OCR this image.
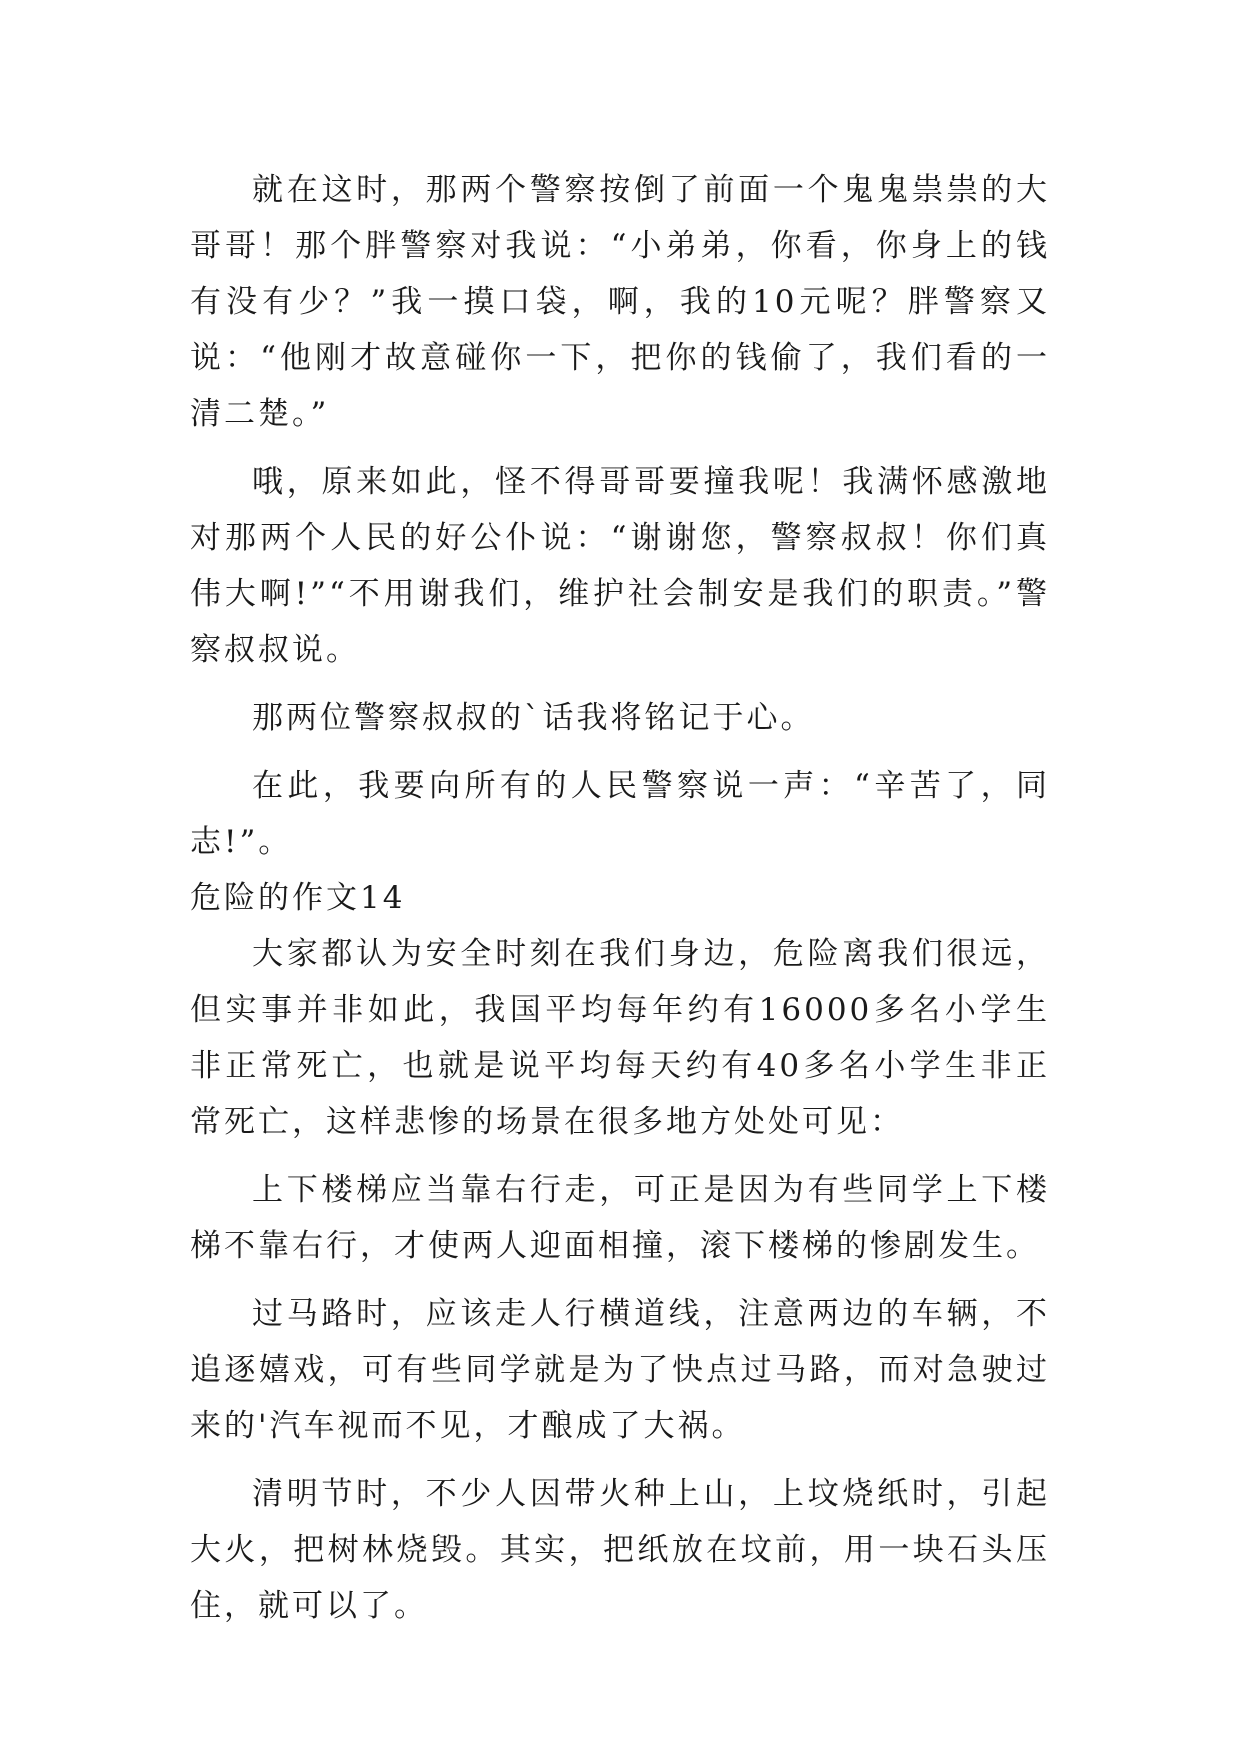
就在这时，那两个警察按倒了前面一个鬼鬼祟祟的大哥哥！那个胖警察对我说：“小弟弟，你看，你身上的钱有没有少？”我一摸口袋，啊，我的10元呢？胖警察又说：“他刚才故意碰你一下，把你的钱偷了，我们看的一清二楚。”

哦，原来如此，怪不得哥哥要撞我呢！我满怀感激地对那两个人民的好公仆说：“谢谢您，警察叔叔！你们真伟大啊!”“不用谢我们，维护社会制安是我们的职责。”警察叔叔说。

那两位警察叔叔的`话我将铭记于心。

在此，我要向所有的人民警察说一声：“辛苦了，同志!”。

危险的作文14

大家都认为安全时刻在我们身边，危险离我们很远，但实事并非如此，我国平均每年约有16000多名小学生非正常死亡，也就是说平均每天约有40多名小学生非正常死亡，这样悲惨的场景在很多地方处处可见：

上下楼梯应当靠右行走，可正是因为有些同学上下楼梯不靠右行，才使两人迎面相撞，滚下楼梯的惨剧发生。

过马路时，应该走人行横道线，注意两边的车辆，不追逐嬉戏，可有些同学就是为了快点过马路，而对急驶过来的'汽车视而不见，才酿成了大祸。

清明节时，不少人因带火种上山，上坟烧纸时，引起大火，把树林烧毁。其实，把纸放在坟前，用一块石头压住，就可以了。
